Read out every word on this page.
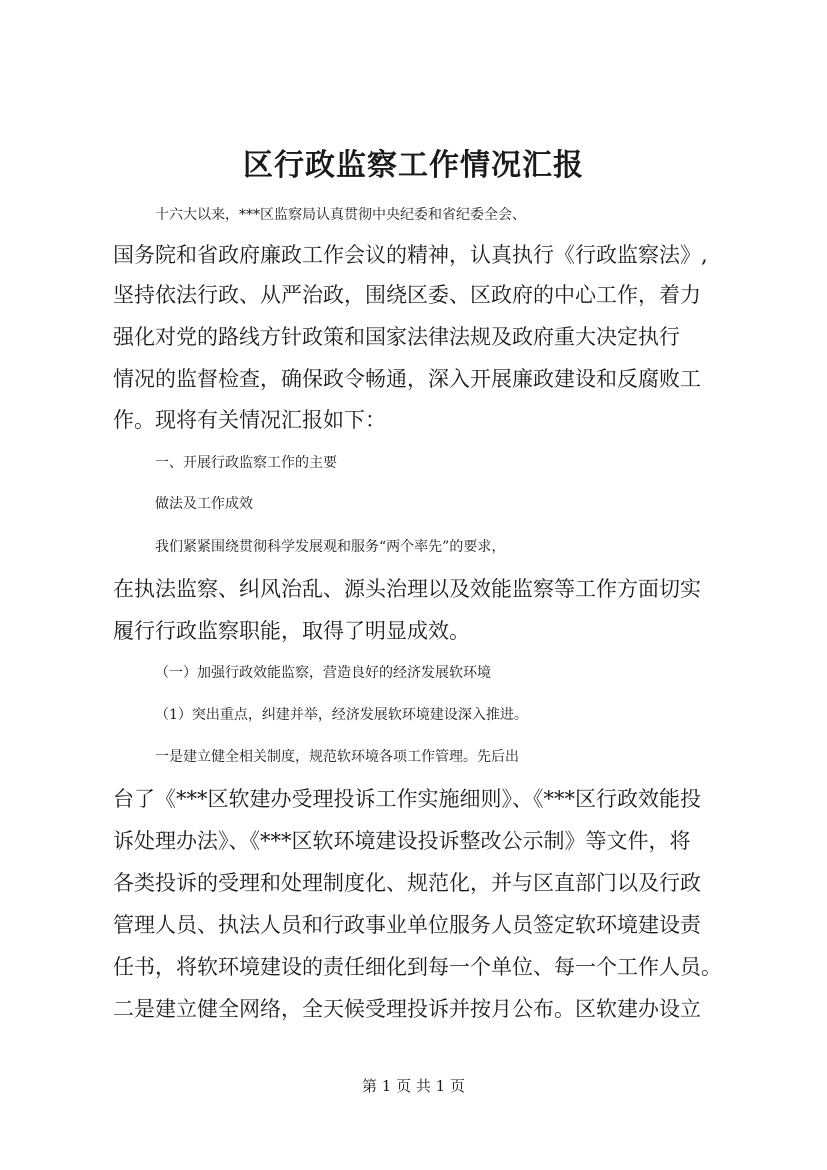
区行政监察工作情况汇报

十六大以来，***区监察局认真贯彻中央纪委和省纪委全会、

国务院和省政府廉政工作会议的精神，认真执行《行政监察法》,

坚持依法行政、从严治政，围绕区委、区政府的中心工作，着力

强化对党的路线方针政策和国家法律法规及政府重大决定执行

情况的监督检查，确保政令畅通，深入开展廉政建设和反腐败工

作。现将有关情况汇报如下：

一、开展行政监察工作的主要

做法及工作成效

我们紧紧围绕贯彻科学发展观和服务“两个率先”的要求，

在执法监察、纠风治乱、源头治理以及效能监察等工作方面切实

履行行政监察职能，取得了明显成效。

（一）加强行政效能监察，营造良好的经济发展软环境

（1）突出重点，纠建并举，经济发展软环境建设深入推进。

一是建立健全相关制度，规范软环境各项工作管理。先后出

台了《***区软建办受理投诉工作实施细则》、《***区行政效能投

诉处理办法》、《***区软环境建设投诉整改公示制》等文件，将

各类投诉的受理和处理制度化、规范化，并与区直部门以及行政

管理人员、执法人员和行政事业单位服务人员签定软环境建设责

任书，将软环境建设的责任细化到每一个单位、每一个工作人员。

二是建立健全网络，全天候受理投诉并按月公布。区软建办设立

第 1 页 共 1 页
